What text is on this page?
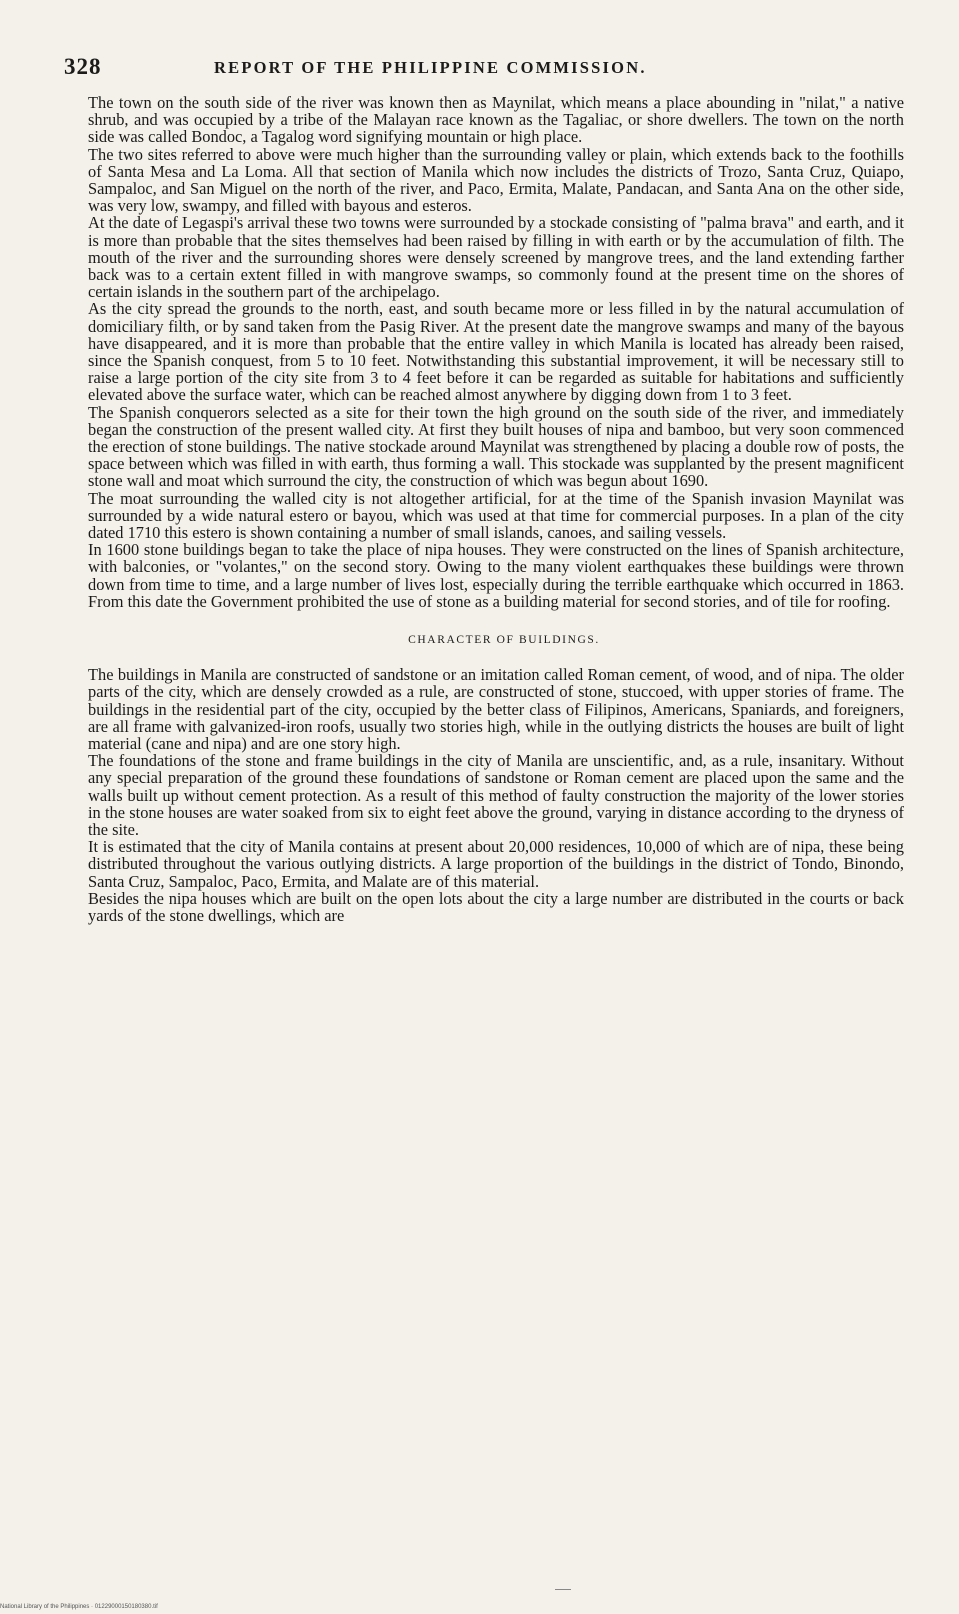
328	REPORT OF THE PHILIPPINE COMMISSION.

The town on the south side of the river was known then as Maynilat, which means a place abounding in "nilat," a native shrub, and was occupied by a tribe of the Malayan race known as the Tagaliac, or shore dwellers. The town on the north side was called Bondoc, a Tagalog word signifying mountain or high place.

The two sites referred to above were much higher than the surrounding valley or plain, which extends back to the foothills of Santa Mesa and La Loma. All that section of Manila which now includes the districts of Trozo, Santa Cruz, Quiapo, Sampaloc, and San Miguel on the north of the river, and Paco, Ermita, Malate, Pandacan, and Santa Ana on the other side, was very low, swampy, and filled with bayous and esteros.

At the date of Legaspi's arrival these two towns were surrounded by a stockade consisting of "palma brava" and earth, and it is more than probable that the sites themselves had been raised by filling in with earth or by the accumulation of filth. The mouth of the river and the surrounding shores were densely screened by mangrove trees, and the land extending farther back was to a certain extent filled in with mangrove swamps, so commonly found at the present time on the shores of certain islands in the southern part of the archipelago.

As the city spread the grounds to the north, east, and south became more or less filled in by the natural accumulation of domiciliary filth, or by sand taken from the Pasig River. At the present date the mangrove swamps and many of the bayous have disappeared, and it is more than probable that the entire valley in which Manila is located has already been raised, since the Spanish conquest, from 5 to 10 feet. Notwithstanding this substantial improvement, it will be necessary still to raise a large portion of the city site from 3 to 4 feet before it can be regarded as suitable for habitations and sufficiently elevated above the surface water, which can be reached almost anywhere by digging down from 1 to 3 feet.

The Spanish conquerors selected as a site for their town the high ground on the south side of the river, and immediately began the construction of the present walled city. At first they built houses of nipa and bamboo, but very soon commenced the erection of stone buildings. The native stockade around Maynilat was strengthened by placing a double row of posts, the space between which was filled in with earth, thus forming a wall. This stockade was supplanted by the present magnificent stone wall and moat which surround the city, the construction of which was begun about 1690.

The moat surrounding the walled city is not altogether artificial, for at the time of the Spanish invasion Maynilat was surrounded by a wide natural estero or bayou, which was used at that time for commercial purposes. In a plan of the city dated 1710 this estero is shown containing a number of small islands, canoes, and sailing vessels.

In 1600 stone buildings began to take the place of nipa houses. They were constructed on the lines of Spanish architecture, with balconies, or "volantes," on the second story. Owing to the many violent earthquakes these buildings were thrown down from time to time, and a large number of lives lost, especially during the terrible earthquake which occurred in 1863. From this date the Government prohibited the use of stone as a building material for second stories, and of tile for roofing.

CHARACTER OF BUILDINGS.

The buildings in Manila are constructed of sandstone or an imitation called Roman cement, of wood, and of nipa. The older parts of the city, which are densely crowded as a rule, are constructed of stone, stuccoed, with upper stories of frame. The buildings in the residential part of the city, occupied by the better class of Filipinos, Americans, Spaniards, and foreigners, are all frame with galvanized-iron roofs, usually two stories high, while in the outlying districts the houses are built of light material (cane and nipa) and are one story high.

The foundations of the stone and frame buildings in the city of Manila are unscientific, and, as a rule, insanitary. Without any special preparation of the ground these foundations of sandstone or Roman cement are placed upon the same and the walls built up without cement protection. As a result of this method of faulty construction the majority of the lower stories in the stone houses are water soaked from six to eight feet above the ground, varying in distance according to the dryness of the site.

It is estimated that the city of Manila contains at present about 20,000 residences, 10,000 of which are of nipa, these being distributed throughout the various outlying districts. A large proportion of the buildings in the district of Tondo, Binondo, Santa Cruz, Sampaloc, Paco, Ermita, and Malate are of this material.

Besides the nipa houses which are built on the open lots about the city a large number are distributed in the courts or back yards of the stone dwellings, which are

National Library of the Philippines · 01229000150180380.tif
